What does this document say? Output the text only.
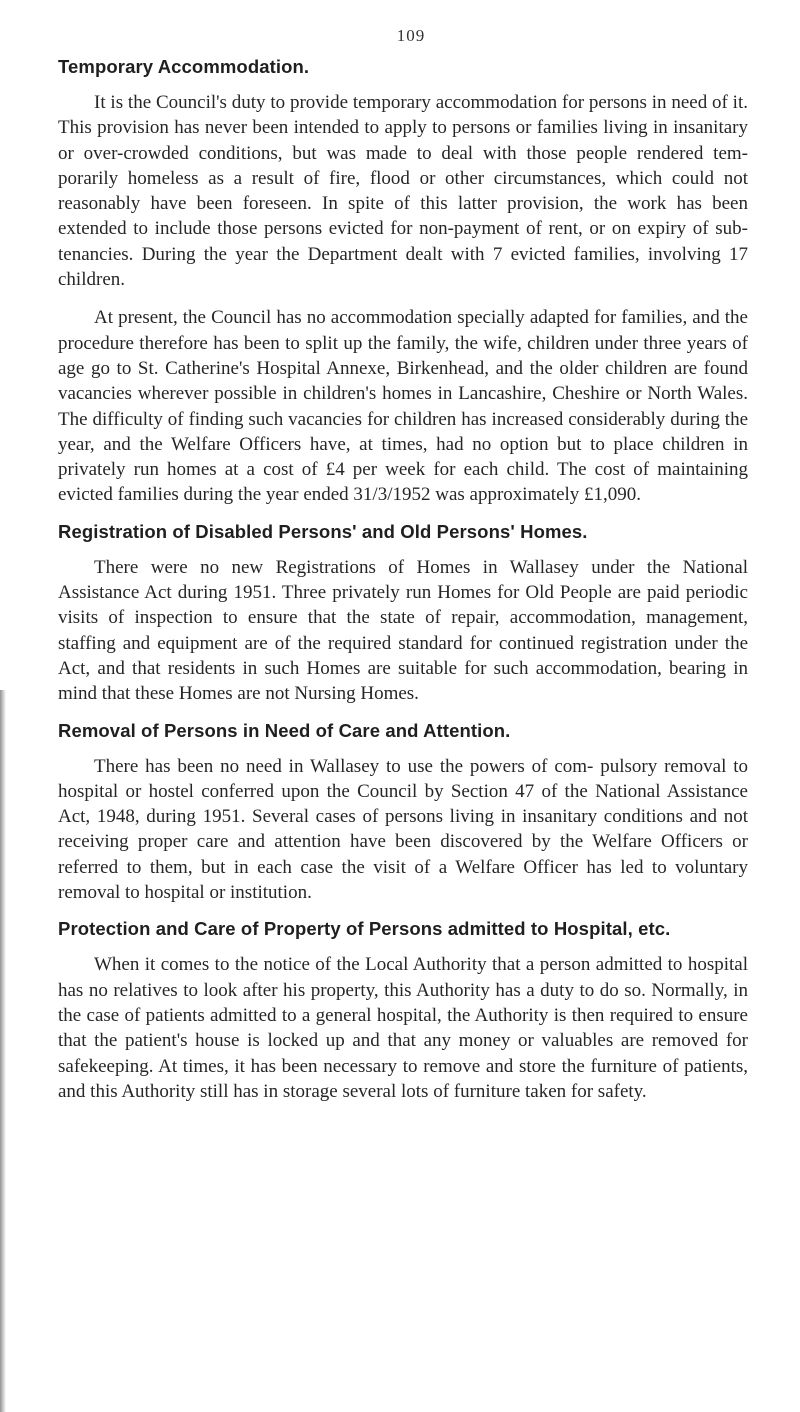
109
Temporary Accommodation.

It is the Council's duty to provide temporary accommodation for persons in need of it. This provision has never been intended to apply to persons or families living in insanitary or over-crowded conditions, but was made to deal with those people rendered tem- porarily homeless as a result of fire, flood or other circumstances, which could not reasonably have been foreseen. In spite of this latter provision, the work has been extended to include those persons evicted for non-payment of rent, or on expiry of sub-tenancies. During the year the Department dealt with 7 evicted families, involving 17 children.

At present, the Council has no accommodation specially adapted for families, and the procedure therefore has been to split up the family, the wife, children under three years of age go to St. Catherine's Hospital Annexe, Birkenhead, and the older children are found vacancies wherever possible in children's homes in Lancashire, Cheshire or North Wales. The difficulty of finding such vacancies for children has increased considerably during the year, and the Welfare Officers have, at times, had no option but to place children in privately run homes at a cost of £4 per week for each child. The cost of maintaining evicted families during the year ended 31/3/1952 was approximately £1,090.

Registration of Disabled Persons' and Old Persons' Homes.

There were no new Registrations of Homes in Wallasey under the National Assistance Act during 1951. Three privately run Homes for Old People are paid periodic visits of inspection to ensure that the state of repair, accommodation, management, staffing and equipment are of the required standard for continued registration under the Act, and that residents in such Homes are suitable for such accommodation, bearing in mind that these Homes are not Nursing Homes.

Removal of Persons in Need of Care and Attention.

There has been no need in Wallasey to use the powers of com- pulsory removal to hospital or hostel conferred upon the Council by Section 47 of the National Assistance Act, 1948, during 1951. Several cases of persons living in insanitary conditions and not receiving proper care and attention have been discovered by the Welfare Officers or referred to them, but in each case the visit of a Welfare Officer has led to voluntary removal to hospital or institution.

Protection and Care of Property of Persons admitted to Hospital, etc.

When it comes to the notice of the Local Authority that a person admitted to hospital has no relatives to look after his property, this Authority has a duty to do so. Normally, in the case of patients admitted to a general hospital, the Authority is then required to ensure that the patient's house is locked up and that any money or valuables are removed for safekeeping. At times, it has been necessary to remove and store the furniture of patients, and this Authority still has in storage several lots of furniture taken for safety.
